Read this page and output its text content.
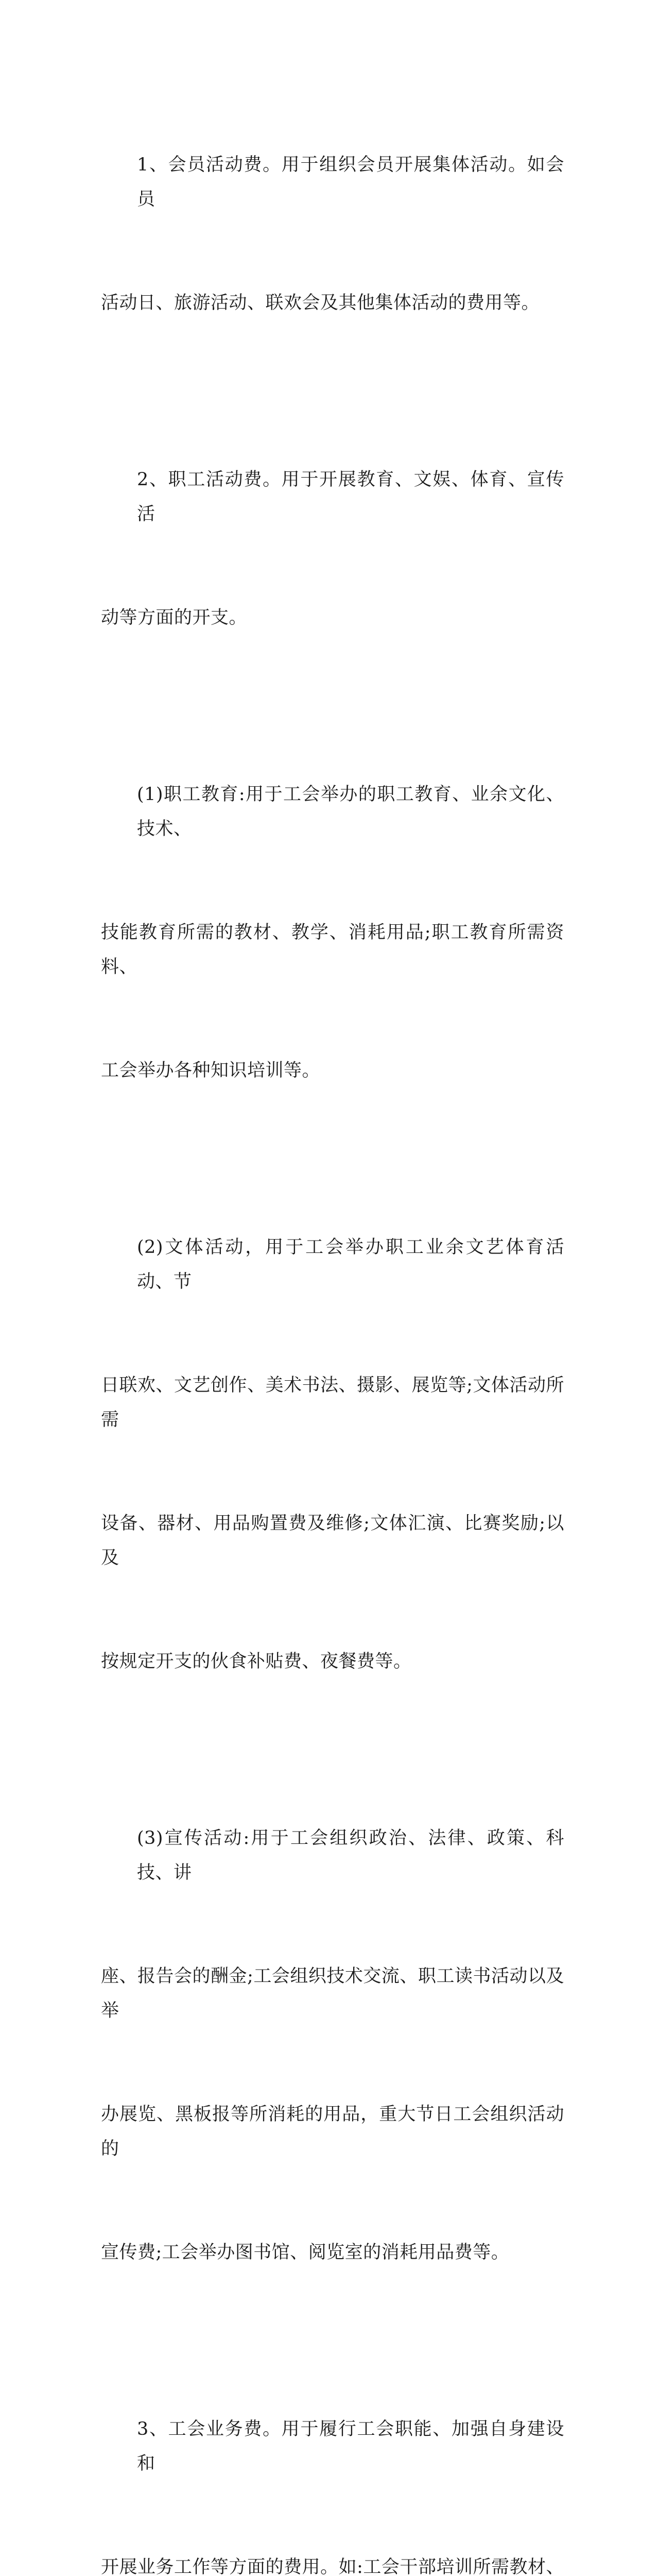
1、会员活动费。用于组织会员开展集体活动。如会员

活动日、旅游活动、联欢会及其他集体活动的费用等。

2、职工活动费。用于开展教育、文娱、体育、宣传活

动等方面的开支。

(1)职工教育:用于工会举办的职工教育、业余文化、技术、

技能教育所需的教材、教学、消耗用品;职工教育所需资料、

工会举办各种知识培训等。

(2)文体活动，用于工会举办职工业余文艺体育活动、节

日联欢、文艺创作、美术书法、摄影、展览等;文体活动所需

设备、器材、用品购置费及维修;文体汇演、比赛奖励;以及

按规定开支的伙食补贴费、夜餐费等。

(3)宣传活动:用于工会组织政治、法律、政策、科技、讲

座、报告会的酬金;工会组织技术交流、职工读书活动以及举

办展览、黑板报等所消耗的用品，重大节日工会组织活动的

宣传费;工会举办图书馆、阅览室的消耗用品费等。

3、工会业务费。用于履行工会职能、加强自身建设和

开展业务工作等方面的费用。如:工会干部培训所需教材、
